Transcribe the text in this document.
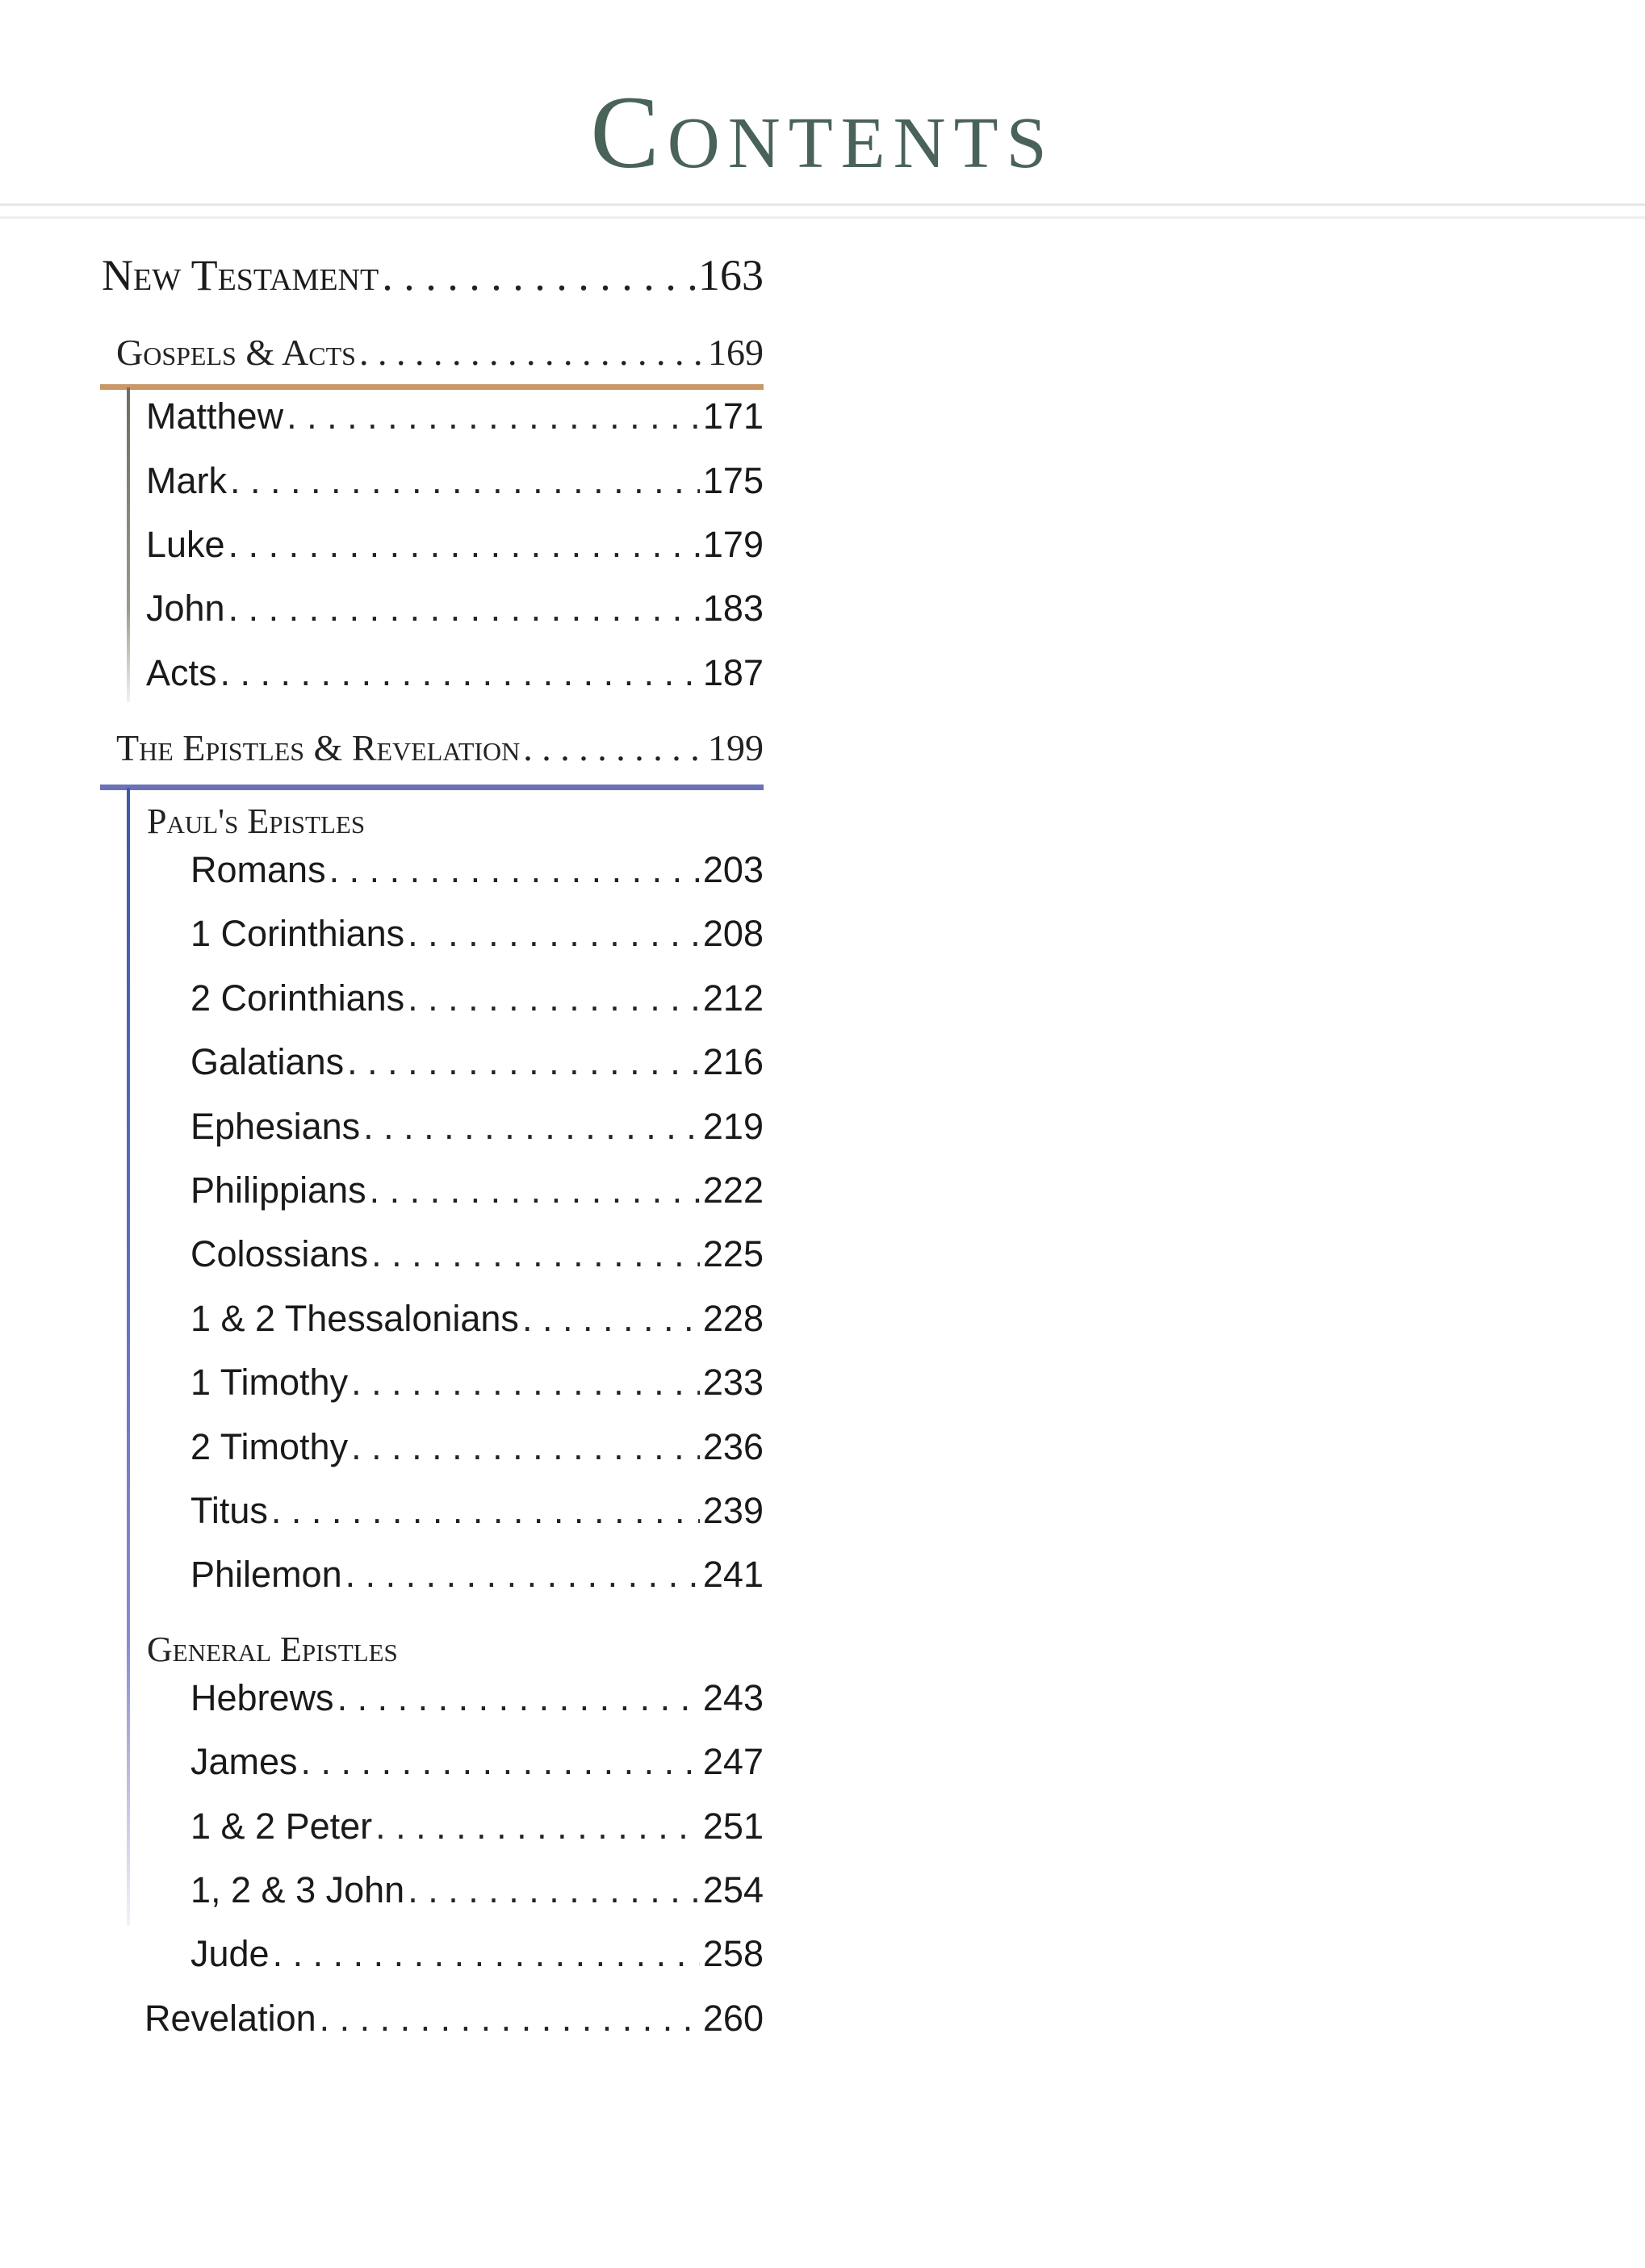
Contents
New Testament . . .	163
Gospels & Acts . . .	169
Matthew . . .	171
Mark . . .	175
Luke . . .	179
John . . .	183
Acts . . .	187
The Epistles & Revelation . . .	199
Paul's Epistles
Romans . . .	203
1 Corinthians . . .	208
2 Corinthians . . .	212
Galatians . . .	216
Ephesians . . .	219
Philippians . . .	222
Colossians . . .	225
1 & 2 Thessalonians . . .	228
1 Timothy . . .	233
2 Timothy . . .	236
Titus . . .	239
Philemon . . .	241
General Epistles
Hebrews . . .	243
James . . .	247
1 & 2 Peter . . .	251
1, 2 & 3 John . . .	254
Jude . . .	258
Revelation . . .	260
